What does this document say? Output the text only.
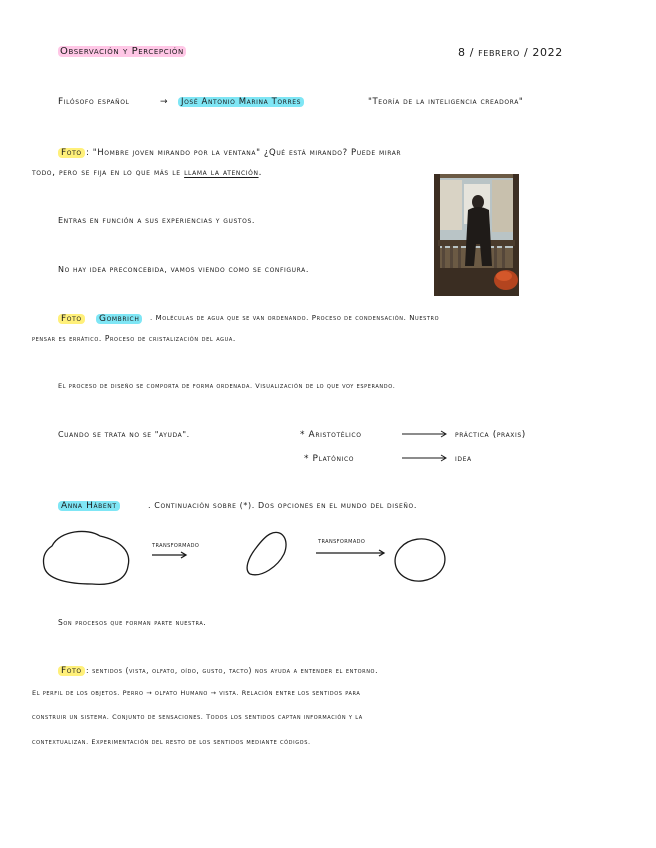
Observación y Percepción	8 / febrero / 2022
Filósofo español	→	José Antonio Marina Torres	"Teoría de la inteligencia creadora"
Foto : "Hombre joven mirando por la ventana" ¿Qué está mirando? Puede mirar
todo, pero se fija en lo que más le llama la atención.
Entras en función a sus experiencias y gustos.
No hay idea preconcebida, vamos viendo como se configura.
Foto	Gombrich	. Moléculas de agua que se van ordenando. Proceso de condensación. Nuestro
pensar es errático. Proceso de cristalización del agua.
El proceso de diseño se comporta de forma ordenada. Visualización de lo que voy esperando.
Cuando se trata no se "ayuda".	* Aristotélico	práctica (praxis)
* Platónico	idea
Anna Hábent	. Continuación sobre (*). Dos opciones en el mundo del diseño.
transformado	transformado
Son procesos que forman parte nuestra.
Foto : sentidos (vista, olfato, oído, gusto, tacto) nos ayuda a entender el entorno.
El perfil de los objetos. Perro → olfato Humano → vista. Relación entre los sentidos para
construir un sistema. Conjunto de sensaciones. Todos los sentidos captan información y la
contextualizan. Experimentación del resto de los sentidos mediante códigos.
